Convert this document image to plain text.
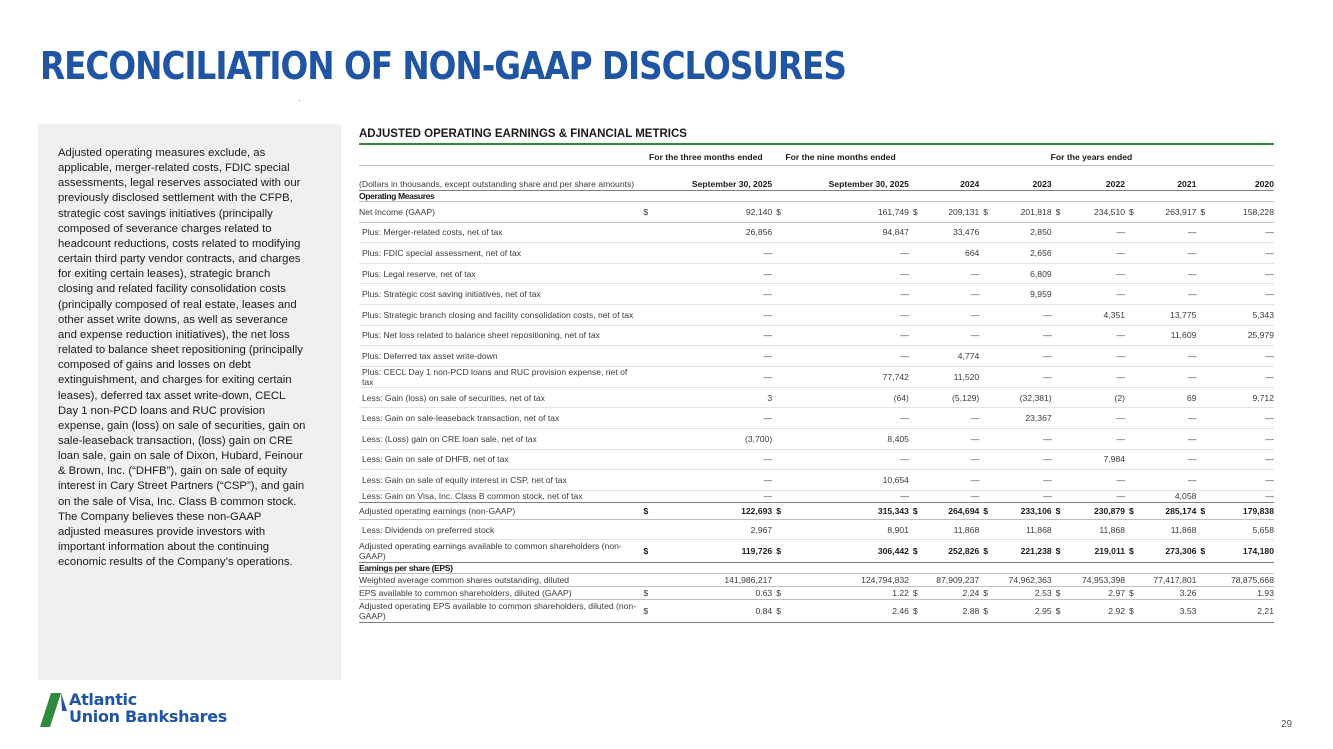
RECONCILIATION OF NON-GAAP DISCLOSURES

Adjusted operating measures exclude, as applicable, merger-related costs, FDIC special assessments, legal reserves associated with our previously disclosed settlement with the CFPB, strategic cost savings initiatives (principally composed of severance charges related to headcount reductions, costs related to modifying certain third party vendor contracts, and charges for exiting certain leases), strategic branch closing and related facility consolidation costs (principally composed of real estate, leases and other asset write downs, as well as severance and expense reduction initiatives), the net loss related to balance sheet repositioning (principally composed of gains and losses on debt extinguishment, and charges for exiting certain leases), deferred tax asset write-down, CECL Day 1 non-PCD loans and RUC provision expense, gain (loss) on sale of securities, gain on sale-leaseback transaction, (loss) gain on CRE loan sale, gain on sale of Dixon, Hubard, Feinour & Brown, Inc. (“DHFB”), gain on sale of equity interest in Cary Street Partners (“CSP”), and gain on the sale of Visa, Inc. Class B common stock. The Company believes these non-GAAP adjusted measures provide investors with important information about the continuing economic results of the Company’s operations.

ADJUSTED OPERATING EARNINGS & FINANCIAL METRICS
	For the three months ended		For the nine months ended		For the years ended									
(Dollars in thousands, except outstanding share and per share amounts)	September 30, 2025		September 30, 2025		2024		2023		2022		2021		2020	
Operating Measures														
Net Income (GAAP)	$	92,140	$	161,749	$	209,131	$	201,818	$	234,510	$	263,917	$	158,228
Plus: Merger-related costs, net of tax		26,856		94,847		33,476		2,850		—		—		—
Plus: FDIC special assessment, net of tax		—		—		664		2,656		—		—		—
Plus: Legal reserve, net of tax		—		—		—		6,809		—		—		—
Plus: Strategic cost saving initiatives, net of tax		—		—		—		9,959		—		—		—
Plus: Strategic branch closing and facility consolidation costs, net of tax		—		—		—		—		4,351		13,775		5,343
Plus: Net loss related to balance sheet repositioning, net of tax		—		—		—		—		—		11,609		25,979
Plus: Deferred tax asset write-down		—		—		4,774		—		—		—		—
Plus: CECL Day 1 non-PCD loans and RUC provision expense, net of tax		—		77,742		11,520		—		—		—		—
Less: Gain (loss) on sale of securities, net of tax		3		(64)		(5,129)		(32,381)		(2)		69		9,712
Less: Gain on sale-leaseback transaction, net of tax		—		—		—		23,367		—		—		—
Less: (Loss) gain on CRE loan sale, net of tax		(3,700)		8,405		—		—		—		—		—
Less: Gain on sale of DHFB, net of tax		—		—		—		—		7,984		—		—
Less: Gain on sale of equity interest in CSP, net of tax		—		10,654		—		—		—		—		—
Less: Gain on Visa, Inc. Class B common stock, net of tax		—		—		—		—		—		4,058		—
Adjusted operating earnings (non-GAAP)	$	122,693	$	315,343	$	264,694	$	233,106	$	230,879	$	285,174	$	179,838
Less: Dividends on preferred stock		2,967		8,901		11,868		11,868		11,868		11,868		5,658
Adjusted operating earnings available to common shareholders (non-GAAP)	$	119,726	$	306,442	$	252,826	$	221,238	$	219,011	$	273,306	$	174,180
Earnings per share (EPS)														
Weighted average common shares outstanding, diluted		141,986,217		124,794,832		87,909,237		74,962,363		74,953,398		77,417,801		78,875,668
EPS available to common shareholders, diluted (GAAP)	$	0.63	$	1.22	$	2.24	$	2.53	$	2.97	$	3.26		1.93
Adjusted operating EPS available to common shareholders, diluted (non-GAAP)	$	0.84	$	2.46	$	2.88	$	2.95	$	2.92	$	3.53		2.21
Atlantic
Union Bankshares	29
